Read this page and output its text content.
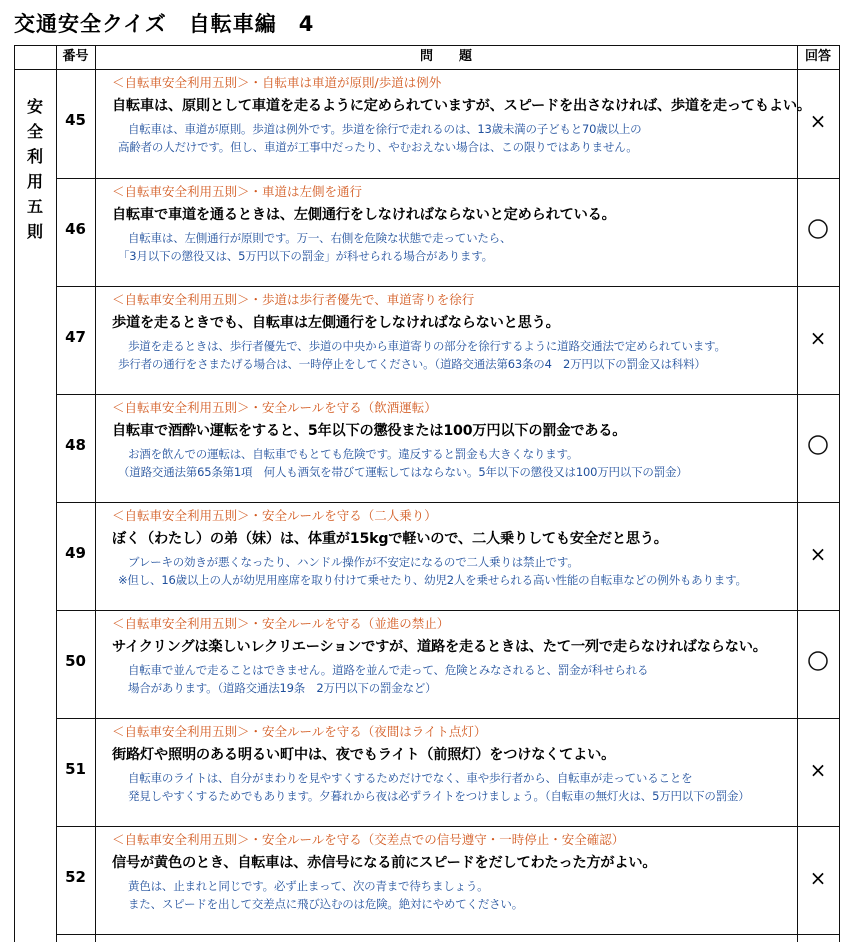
交通安全クイズ　自転車編　4
番号	問　　題	回答
安
全
利
用
五
則
45
＜自転車安全利用五則＞・自転車は車道が原則/歩道は例外
自転車は、原則として車道を走るように定められていますが、スピードを出さなければ、歩道を走ってもよい。
自転車は、車道が原則。歩道は例外です。歩道を徐行で走れるのは、13歳未満の子どもと70歳以上の
高齢者の人だけです。但し、車道が工事中だったり、やむおえない場合は、この限りではありません。
×
46
＜自転車安全利用五則＞・車道は左側を通行
自転車で車道を通るときは、左側通行をしなければならないと定められている。
自転車は、左側通行が原則です。万一、右側を危険な状態で走っていたら、
「3月以下の懲役又は、5万円以下の罰金」が科せられる場合があります。
47
＜自転車安全利用五則＞・歩道は歩行者優先で、車道寄りを徐行
歩道を走るときでも、自転車は左側通行をしなければならないと思う。
歩道を走るときは、歩行者優先で、歩道の中央から車道寄りの部分を徐行するように道路交通法で定められています。
歩行者の通行をさまたげる場合は、一時停止をしてください。（道路交通法第63条の4　2万円以下の罰金又は科料）
×
48
＜自転車安全利用五則＞・安全ルールを守る（飲酒運転）
自転車で酒酔い運転をすると、5年以下の懲役または100万円以下の罰金である。
お酒を飲んでの運転は、自転車でもとても危険です。違反すると罰金も大きくなります。
（道路交通法第65条第1項　何人も酒気を帯びて運転してはならない。5年以下の懲役又は100万円以下の罰金）
49
＜自転車安全利用五則＞・安全ルールを守る（二人乗り）
ぼく（わたし）の弟（妹）は、体重が15kgで軽いので、二人乗りしても安全だと思う。
ブレーキの効きが悪くなったり、ハンドル操作が不安定になるので二人乗りは禁止です。
※但し、16歳以上の人が幼児用座席を取り付けて乗せたり、幼児2人を乗せられる高い性能の自転車などの例外もあります。
×
50
＜自転車安全利用五則＞・安全ルールを守る（並進の禁止）
サイクリングは楽しいレクリエーションですが、道路を走るときは、たて一列で走らなければならない。
自転車で並んで走ることはできません。道路を並んで走って、危険とみなされると、罰金が科せられる
場合があります。（道路交通法19条　2万円以下の罰金など）
51
＜自転車安全利用五則＞・安全ルールを守る（夜間はライト点灯）
街路灯や照明のある明るい町中は、夜でもライト（前照灯）をつけなくてよい。
自転車のライトは、自分がまわりを見やすくするためだけでなく、車や歩行者から、自転車が走っていることを
発見しやすくするためでもあります。夕暮れから夜は必ずライトをつけましょう。（自転車の無灯火は、5万円以下の罰金）
×
52
＜自転車安全利用五則＞・安全ルールを守る（交差点での信号遵守・一時停止・安全確認）
信号が黄色のとき、自転車は、赤信号になる前にスピードをだしてわたった方がよい。
黄色は、止まれと同じです。必ず止まって、次の青まで待ちましょう。
また、スピードを出して交差点に飛び込むのは危険。絶対にやめてください。
×
